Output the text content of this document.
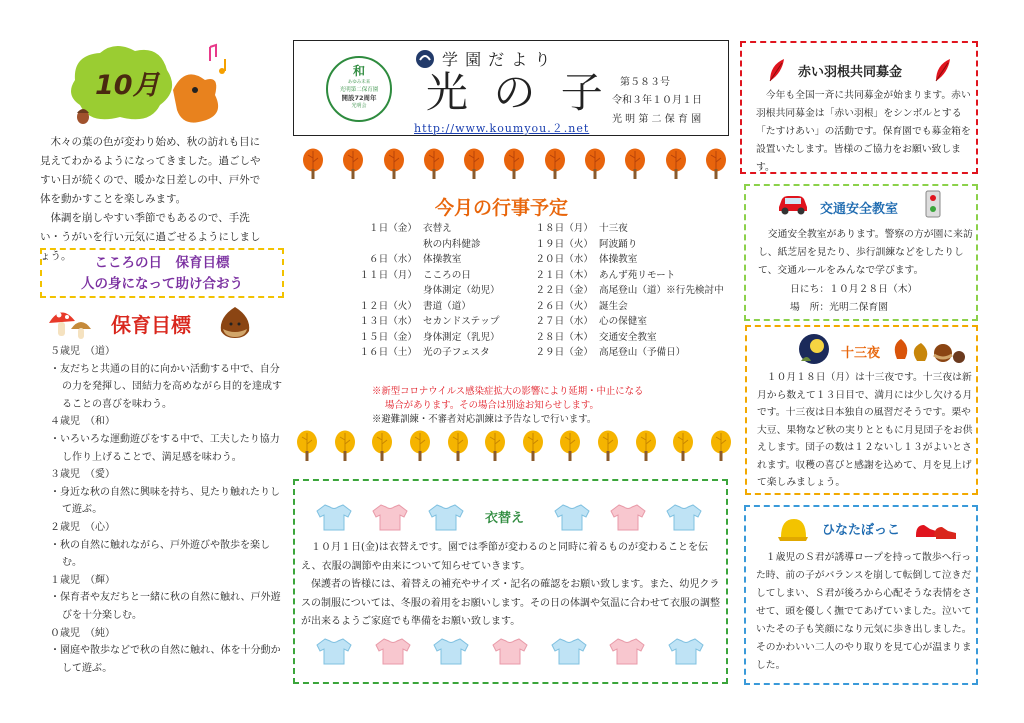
10月

木々の葉の色が変わり始め、秋の訪れも目に見えてわかるようになってきました。過ごしやすい日が続くので、暖かな日差しの中、戸外で体を動かすことを楽しみます。

体調を崩しやすい季節でもあるので、手洗い・うがいを行い元気に過ごせるようにしましょう。	こころの日　保育目標
人の身になって助け合おう
保育目標
５歳児　（道）
・友だちと共通の目的に向かい活動する中で、自分の力を発揮し、団結力を高めながら目的を達成することの喜びを味わう。
４歳児　（和）
・いろいろな運動遊びをする中で、工夫したり協力し作り上げることで、満足感を味わう。
３歳児　（愛）
・身近な秋の自然に興味を持ち、見たり触れたりして遊ぶ。
２歳児　（心）
・秋の自然に触れながら、戸外遊びや散歩を楽しむ。
１歳児　（輝）
・保育者や友だちと一緒に秋の自然に触れ、戸外遊びを十分楽しむ。
０歳児　（純）
・園庭や散歩などで秋の自然に触れ、体を十分動かして遊ぶ。
和
あゆみ未来
光明第二保育園
開設72周年
光明会
学 園 だ よ り
光 の 子
http://www.koumyou.２.net
第５８３号
令和３年１０月１日
光 明 第 二 保 育 園
今月の行事予定
１日（金） 衣替え	１８日（月） 十三夜
秋の内科健診	１９日（火） 阿波踊り
６日（水） 体操教室	２０日（水） 体操教室
１１日（月） こころの日	２１日（木） あんず苑リモート
身体測定（幼児）	２２日（金） 高尾登山（道）※行先検討中
１２日（火） 書道（道）	２６日（火） 誕生会
１３日（水） セカンドステップ	２７日（水） 心の保健室
１５日（金） 身体測定（乳児）	２８日（木） 交通安全教室
１６日（土） 光の子フェスタ	２９日（金） 高尾登山（予備日）
※新型コロナウイルス感染症拡大の影響により延期・中止になる
場合があります。その場合は別途お知らせします。
※避難訓練・不審者対応訓練は予告なしで行います。
衣替え

１０月１日(金)は衣替えです。園では季節が変わるのと同時に着るものが変わることを伝え、衣服の調節や由来について知らせていきます。

保護者の皆様には、着替えの補充やサイズ・記名の確認をお願い致します。また、幼児クラスの制服については、冬服の着用をお願いします。その日の体調や気温に合わせて衣服の調整が出来るようご家庭でも準備をお願い致します。

赤い羽根共同募金

今年も全国一斉に共同募金が始まります。赤い羽根共同募金は「赤い羽根」をシンボルとする「たすけあい」の活動です。保育園でも募金箱を設置いたします。皆様のご協力をお願い致します。

交通安全教室

交通安全教室があります。警察の方が園に来訪し、紙芝居を見たり、歩行訓練などをしたりして、交通ルールをみんなで学びます。

日にち：１０月２８日（木）
場　所：光明二保育園
十三夜

１０月１８日（月）は十三夜です。十三夜は新月から数えて１３日目で、満月には少し欠ける月です。十三夜は日本独自の風習だそうです。栗や大豆、果物など秋の実りとともに月見団子をお供えします。団子の数は１２ないし１３がよいとされます。収穫の喜びと感謝を込めて、月を見上げて楽しみましょう。

ひなたぼっこ

１歳児のＳ君が誘導ロープを持って散歩へ行った時、前の子がバランスを崩して転倒して泣きだしてしまい、Ｓ君が後ろから心配そうな表情をさせて、頭を優しく撫でてあげていました。泣いていたその子も笑顔になり元気に歩き出しました。そのかわいい二人のやり取りを見て心が温まりました。
